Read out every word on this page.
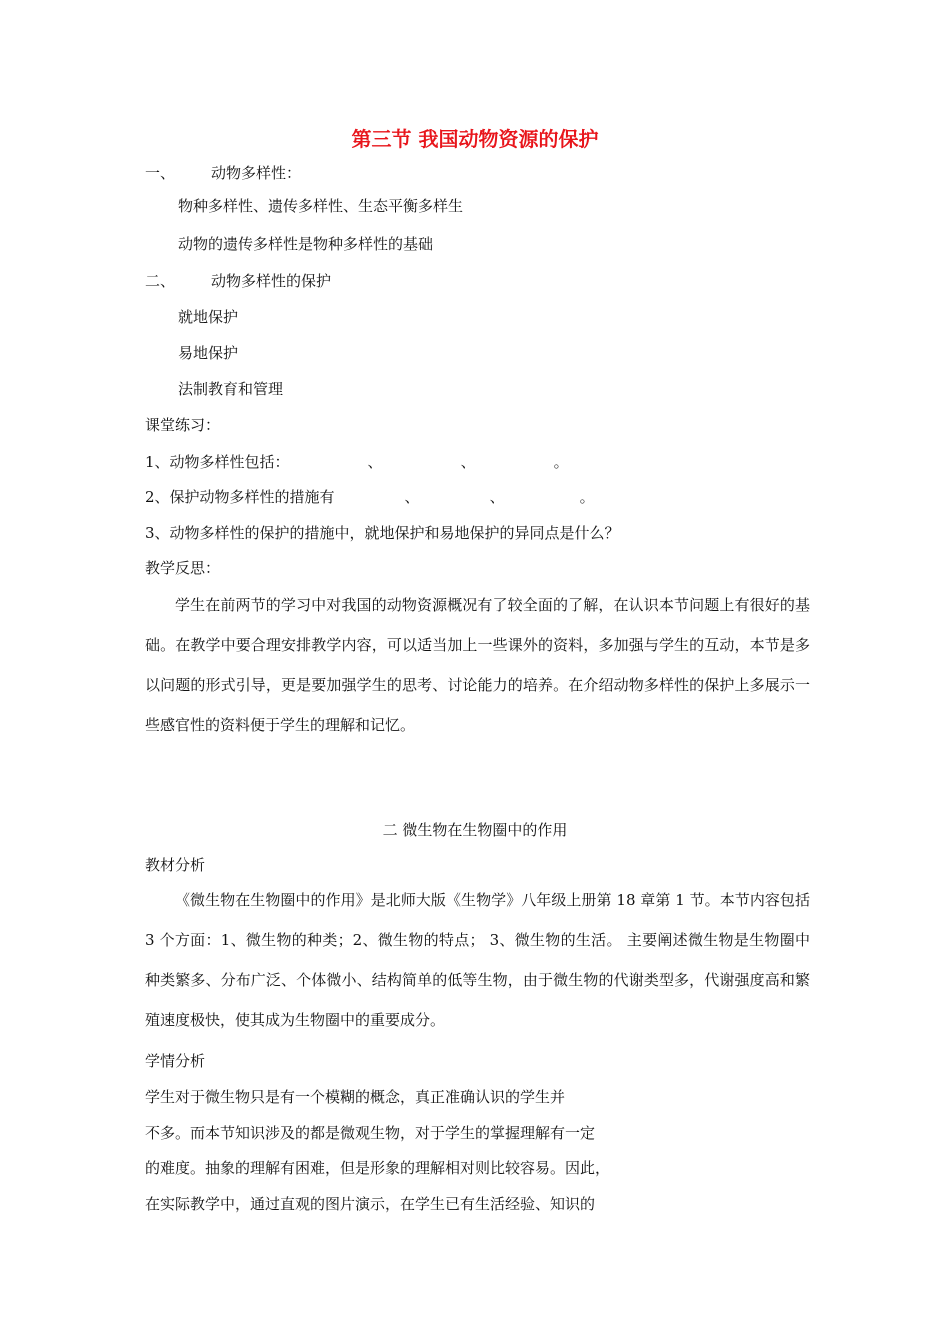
第三节 我国动物资源的保护
一、 动物多样性：
物种多样性、遗传多样性、生态平衡多样生
动物的遗传多样性是物种多样性的基础
二、 动物多样性的保护
就地保护
易地保护
法制教育和管理
课堂练习：
1、动物多样性包括：	、	、	。
2、保护动物多样性的措施有	、	、	。
3、动物多样性的保护的措施中，就地保护和易地保护的异同点是什么？
教学反思：
学生在前两节的学习中对我国的动物资源概况有了较全面的了解，在认识本节问题上有很好的基础。在教学中要合理安排教学内容，可以适当加上一些课外的资料，多加强与学生的互动，本节是多以问题的形式引导，更是要加强学生的思考、讨论能力的培养。在介绍动物多样性的保护上多展示一些感官性的资料便于学生的理解和记忆。
二 微生物在生物圈中的作用
教材分析
《微生物在生物圈中的作用》是北师大版《生物学》八年级上册第 18 章第 1 节。本节内容包括 3 个方面：1、微生物的种类；2、微生物的特点； 3、微生物的生活。 主要阐述微生物是生物圈中种类繁多、分布广泛、个体微小、结构简单的低等生物，由于微生物的代谢类型多，代谢强度高和繁殖速度极快，使其成为生物圈中的重要成分。
学情分析
学生对于微生物只是有一个模糊的概念，真正准确认识的学生并
不多。而本节知识涉及的都是微观生物，对于学生的掌握理解有一定
的难度。抽象的理解有困难，但是形象的理解相对则比较容易。因此，
在实际教学中，通过直观的图片演示，在学生已有生活经验、知识的
